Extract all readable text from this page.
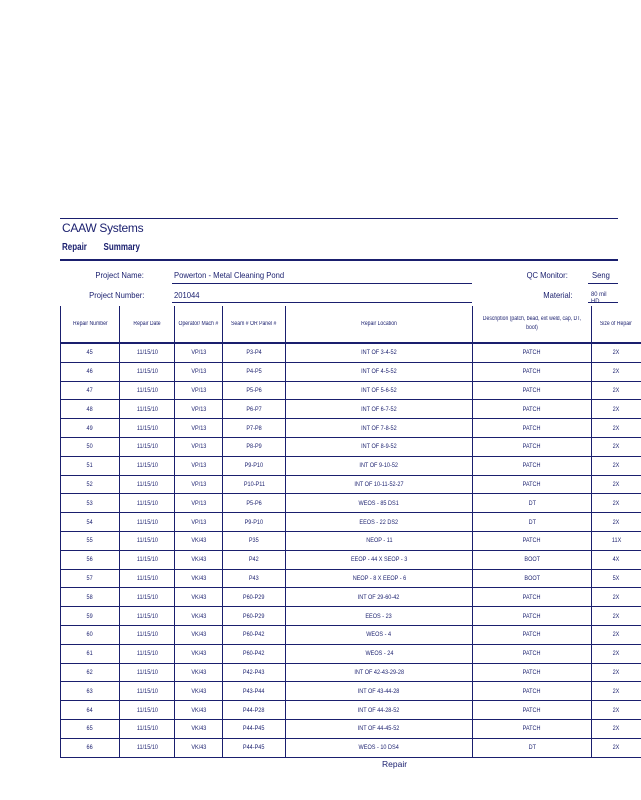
CAAW Systems
Repair Summary
Project Name:	Powerton - Metal Cleaning Pond
Project Number:	201044
QC Monitor:	Seng
Material:	80 mil HD
Repair Number	Repair Date	Operator/ Mach #	Seam # OR Panel #	Repair Location	Description (patch, bead, ext weld, cap, DT, boot)	Size of Repair
45	11/15/10	VP/13	P3-P4	INT OF 3-4-52	PATCH	2X
46	11/15/10	VP/13	P4-P5	INT OF 4-5-52	PATCH	2X
47	11/15/10	VP/13	P5-P6	INT OF 5-6-52	PATCH	2X
48	11/15/10	VP/13	P6-P7	INT OF 6-7-52	PATCH	2X
49	11/15/10	VP/13	P7-P8	INT OF 7-8-52	PATCH	2X
50	11/15/10	VP/13	P8-P9	INT OF 8-9-52	PATCH	2X
51	11/15/10	VP/13	P9-P10	INT OF 9-10-52	PATCH	2X
52	11/15/10	VP/13	P10-P11	INT OF 10-11-52-27	PATCH	2X
53	11/15/10	VP/13	P5-P6	WEOS - 85 DS1	DT	2X
54	11/15/10	VP/13	P9-P10	EEOS - 22 DS2	DT	2X
55	11/15/10	VK/43	P35	NEOP - 11	PATCH	11X
56	11/15/10	VK/43	P42	EEOP - 44 X SEOP - 3	BOOT	4X
57	11/15/10	VK/43	P43	NEOP - 8 X EEOP - 6	BOOT	5X
58	11/15/10	VK/43	P60-P29	INT OF 29-60-42	PATCH	2X
59	11/15/10	VK/43	P60-P29	EEOS - 23	PATCH	2X
60	11/15/10	VK/43	P60-P42	WEOS - 4	PATCH	2X
61	11/15/10	VK/43	P60-P42	WEOS - 24	PATCH	2X
62	11/15/10	VK/43	P42-P43	INT OF 42-43-29-28	PATCH	2X
63	11/15/10	VK/43	P43-P44	INT OF 43-44-28	PATCH	2X
64	11/15/10	VK/43	P44-P28	INT OF 44-28-52	PATCH	2X
65	11/15/10	VK/43	P44-P45	INT OF 44-45-52	PATCH	2X
66	11/15/10	VK/43	P44-P45	WEOS - 10 DS4	DT	2X
Repair
